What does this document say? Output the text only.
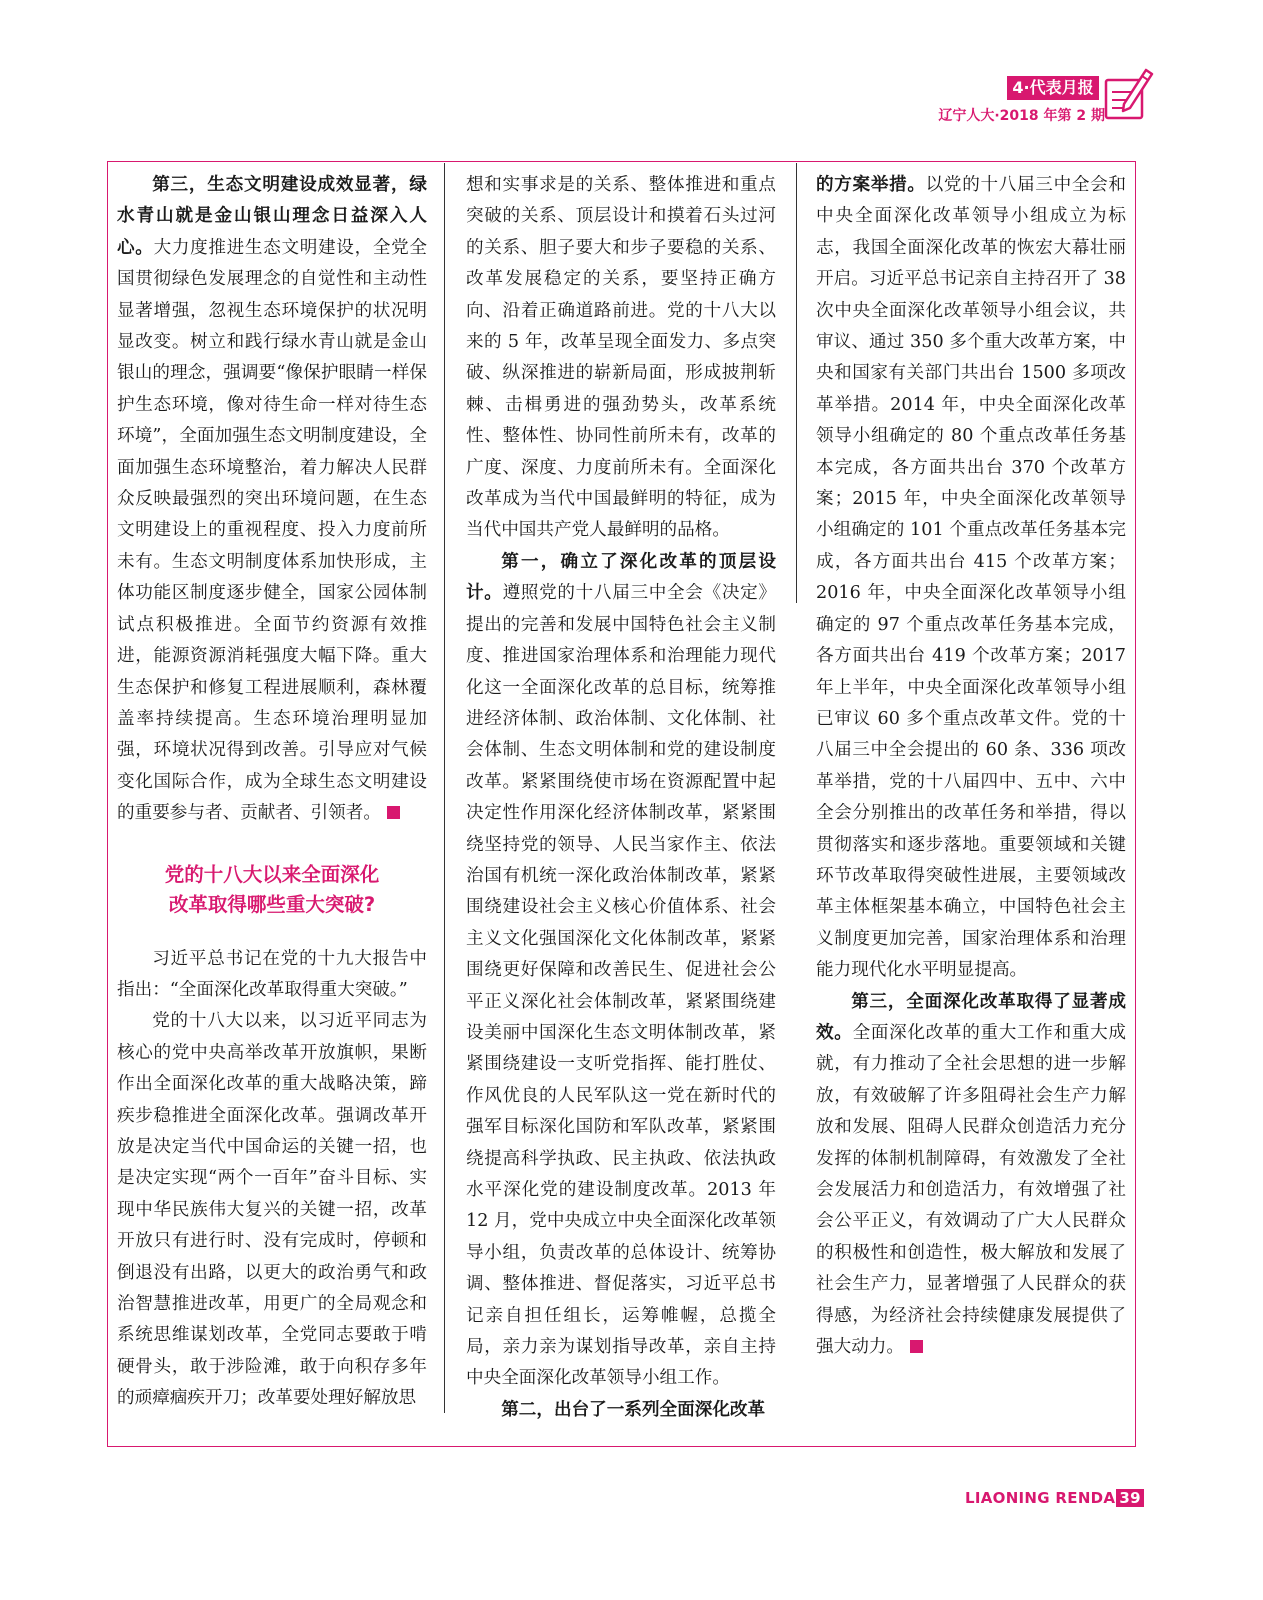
4·代表月报
辽宁人大·2018 年第 2 期

第三，生态文明建设成效显著，绿水青山就是金山银山理念日益深入人心。大力度推进生态文明建设，全党全国贯彻绿色发展理念的自觉性和主动性显著增强，忽视生态环境保护的状况明显改变。树立和践行绿水青山就是金山银山的理念，强调要“像保护眼睛一样保护生态环境，像对待生命一样对待生态环境”，全面加强生态文明制度建设，全面加强生态环境整治，着力解决人民群众反映最强烈的突出环境问题，在生态文明建设上的重视程度、投入力度前所未有。生态文明制度体系加快形成，主体功能区制度逐步健全，国家公园体制试点积极推进。全面节约资源有效推进，能源资源消耗强度大幅下降。重大生态保护和修复工程进展顺利，森林覆盖率持续提高。生态环境治理明显加强，环境状况得到改善。引导应对气候变化国际合作，成为全球生态文明建设的重要参与者、贡献者、引领者。

党的十八大以来全面深化
改革取得哪些重大突破?

习近平总书记在党的十九大报告中指出：“全面深化改革取得重大突破。”

党的十八大以来，以习近平同志为核心的党中央高举改革开放旗帜，果断作出全面深化改革的重大战略决策，蹄疾步稳推进全面深化改革。强调改革开放是决定当代中国命运的关键一招，也是决定实现“两个一百年”奋斗目标、实现中华民族伟大复兴的关键一招，改革开放只有进行时、没有完成时，停顿和倒退没有出路，以更大的政治勇气和政治智慧推进改革，用更广的全局观念和系统思维谋划改革，全党同志要敢于啃硬骨头，敢于涉险滩，敢于向积存多年的顽瘴痼疾开刀；改革要处理好解放思

想和实事求是的关系、整体推进和重点突破的关系、顶层设计和摸着石头过河的关系、胆子要大和步子要稳的关系、改革发展稳定的关系，要坚持正确方向、沿着正确道路前进。党的十八大以来的 5 年，改革呈现全面发力、多点突破、纵深推进的崭新局面，形成披荆斩棘、击楫勇进的强劲势头，改革系统性、整体性、协同性前所未有，改革的广度、深度、力度前所未有。全面深化改革成为当代中国最鲜明的特征，成为当代中国共产党人最鲜明的品格。

第一，确立了深化改革的顶层设计。遵照党的十八届三中全会《决定》提出的完善和发展中国特色社会主义制度、推进国家治理体系和治理能力现代化这一全面深化改革的总目标，统筹推进经济体制、政治体制、文化体制、社会体制、生态文明体制和党的建设制度改革。紧紧围绕使市场在资源配置中起决定性作用深化经济体制改革，紧紧围绕坚持党的领导、人民当家作主、依法治国有机统一深化政治体制改革，紧紧围绕建设社会主义核心价值体系、社会主义文化强国深化文化体制改革，紧紧围绕更好保障和改善民生、促进社会公平正义深化社会体制改革，紧紧围绕建设美丽中国深化生态文明体制改革，紧紧围绕建设一支听党指挥、能打胜仗、作风优良的人民军队这一党在新时代的强军目标深化国防和军队改革，紧紧围绕提高科学执政、民主执政、依法执政水平深化党的建设制度改革。2013 年 12 月，党中央成立中央全面深化改革领导小组，负责改革的总体设计、统筹协调、整体推进、督促落实，习近平总书记亲自担任组长，运筹帷幄，总揽全局，亲力亲为谋划指导改革，亲自主持中央全面深化改革领导小组工作。

第二，出台了一系列全面深化改革

的方案举措。以党的十八届三中全会和中央全面深化改革领导小组成立为标志，我国全面深化改革的恢宏大幕壮丽开启。习近平总书记亲自主持召开了 38 次中央全面深化改革领导小组会议，共审议、通过 350 多个重大改革方案，中央和国家有关部门共出台 1500 多项改革举措。2014 年，中央全面深化改革领导小组确定的 80 个重点改革任务基本完成，各方面共出台 370 个改革方案；2015 年，中央全面深化改革领导小组确定的 101 个重点改革任务基本完成，各方面共出台 415 个改革方案；2016 年，中央全面深化改革领导小组确定的 97 个重点改革任务基本完成，各方面共出台 419 个改革方案；2017 年上半年，中央全面深化改革领导小组已审议 60 多个重点改革文件。党的十八届三中全会提出的 60 条、336 项改革举措，党的十八届四中、五中、六中全会分别推出的改革任务和举措，得以贯彻落实和逐步落地。重要领域和关键环节改革取得突破性进展，主要领域改革主体框架基本确立，中国特色社会主义制度更加完善，国家治理体系和治理能力现代化水平明显提高。

第三，全面深化改革取得了显著成效。全面深化改革的重大工作和重大成就，有力推动了全社会思想的进一步解放，有效破解了许多阻碍社会生产力解放和发展、阻碍人民群众创造活力充分发挥的体制机制障碍，有效激发了全社会发展活力和创造活力，有效增强了社会公平正义，有效调动了广大人民群众的积极性和创造性，极大解放和发展了社会生产力，显著增强了人民群众的获得感，为经济社会持续健康发展提供了强大动力。

LIAONING RENDA 39
